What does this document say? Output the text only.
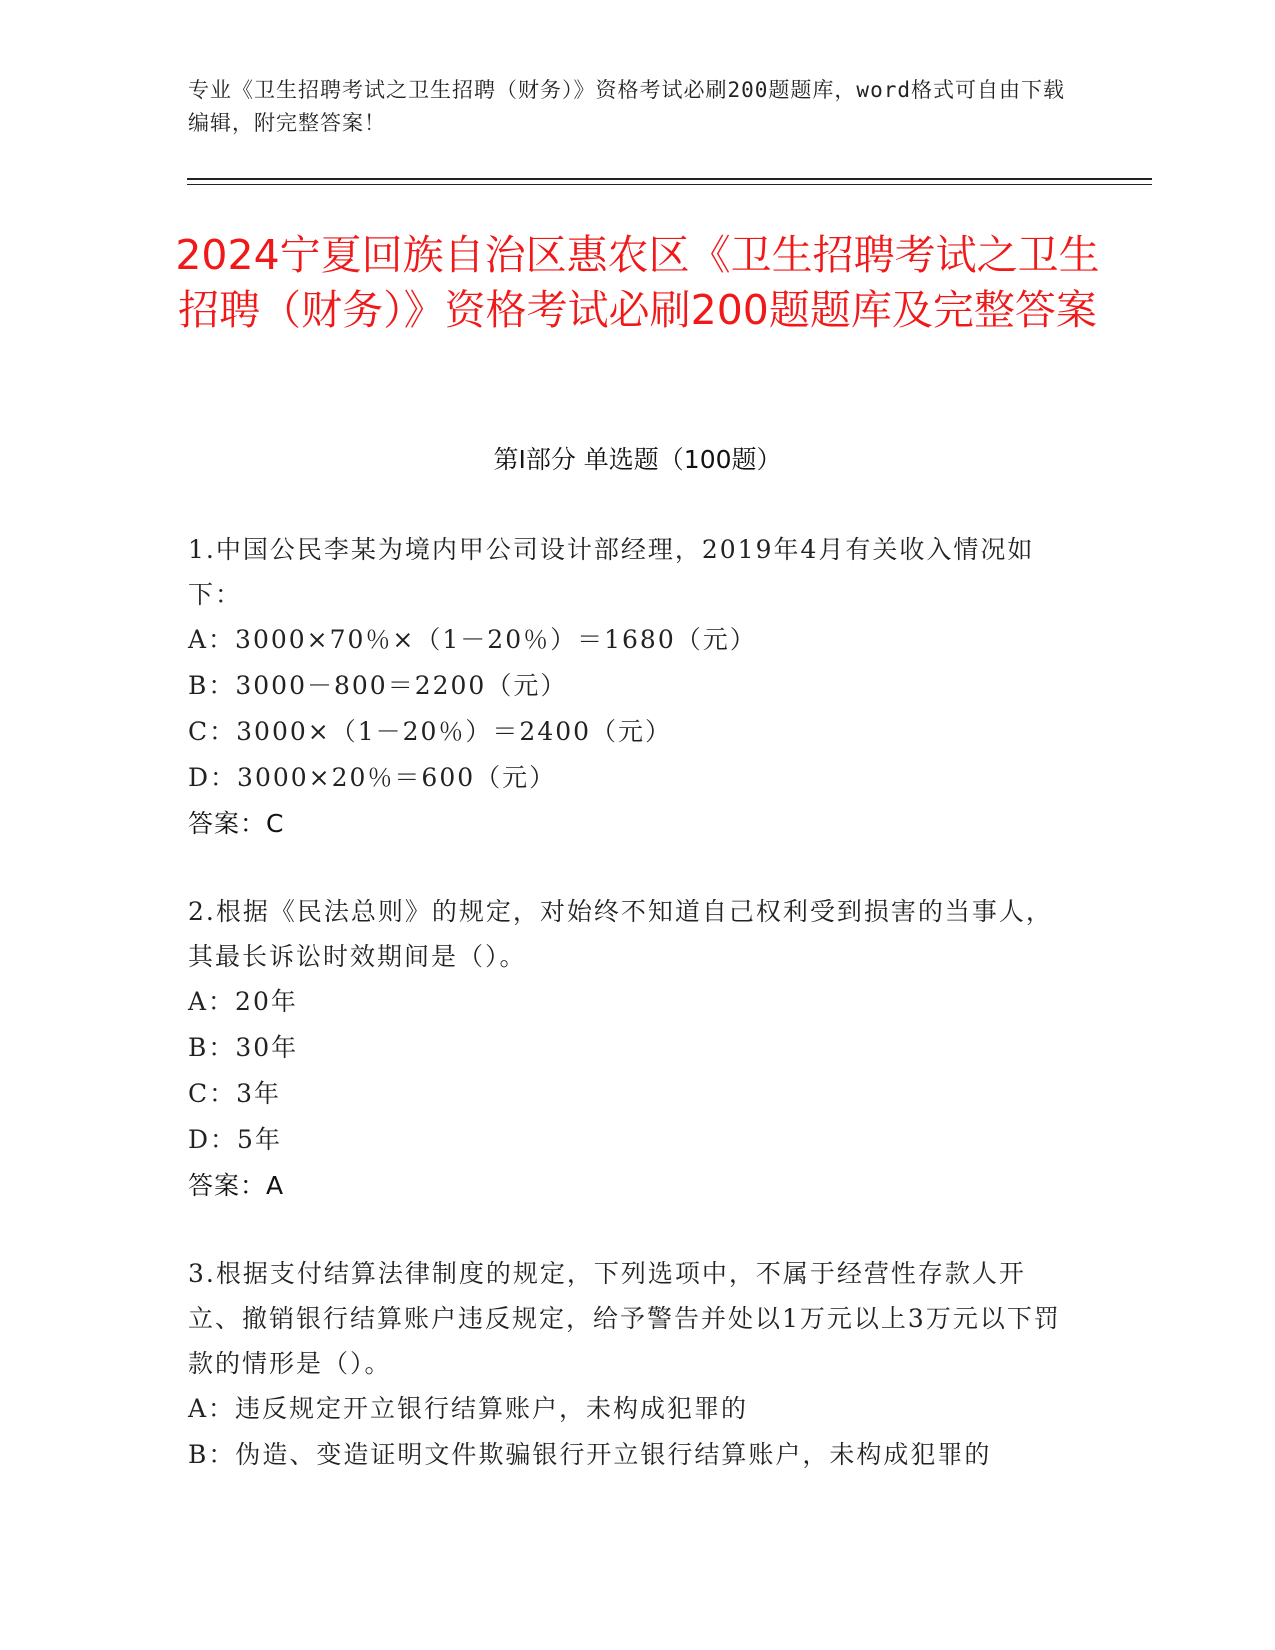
专业《卫生招聘考试之卫生招聘（财务）》资格考试必刷200题题库，word格式可自由下载编辑，附完整答案！
2024宁夏回族自治区惠农区《卫生招聘考试之卫生招聘（财务）》资格考试必刷200题题库及完整答案
第I部分 单选题（100题）
1.中国公民李某为境内甲公司设计部经理，2019年4月有关收入情况如下：
A：3000×70％×（1－20％）＝1680（元）
B：3000－800＝2200（元）
C：3000×（1－20％）＝2400（元）
D：3000×20％＝600（元）
答案：C
2.根据《民法总则》的规定，对始终不知道自己权利受到损害的当事人，其最长诉讼时效期间是（）。
A：20年
B：30年
C：3年
D：5年
答案：A
3.根据支付结算法律制度的规定，下列选项中，不属于经营性存款人开立、撤销银行结算账户违反规定，给予警告并处以1万元以上3万元以下罚款的情形是（）。
A：违反规定开立银行结算账户，未构成犯罪的
B：伪造、变造证明文件欺骗银行开立银行结算账户，未构成犯罪的
